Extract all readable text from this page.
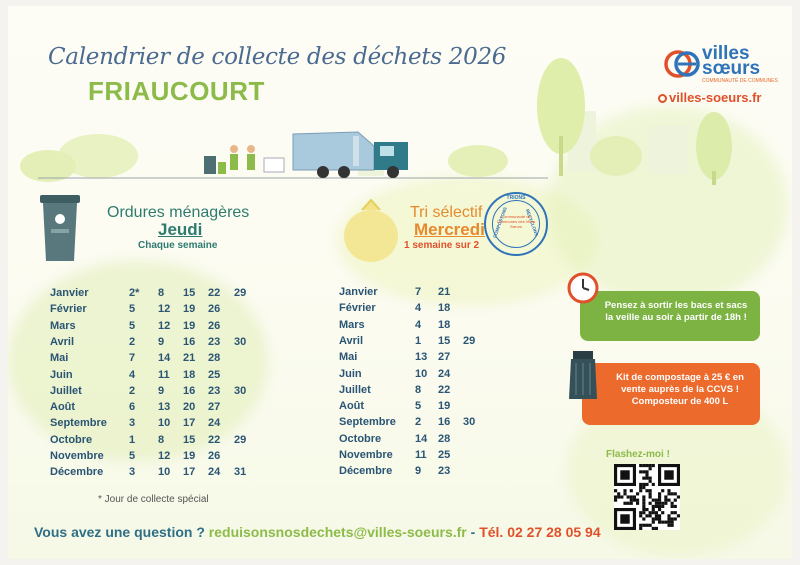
Calendrier de collecte des déchets 2026
FRIAUCOURT
villes
sœurs
COMMUNAUTÉ DE COMMUNES
villes-soeurs.fr
Ordures ménagères
Jeudi
Chaque semaine
Tri sélectif
Mercredi
1 semaine sur 2
TRIONS
RECYCLONS
COMPOSTONS
Communauté de Communes des Villes Sœurs
Janvier	2* 8 15 22 29
Février	5 12 19 26
Mars	5 12 19 26
Avril	2 9 16 23 30
Mai	7 14 21 28
Juin	4 11 18 25
Juillet	2 9 16 23 30
Août	6 13 20 27
Septembre 3 10 17 24
Octobre	1 8 15 22 29
Novembre 5 12 19 26
Décembre 3 10 17 24 31
* Jour de collecte spécial
Janvier	7 21
Février	4 18
Mars	4 18
Avril	1 15 29
Mai	13 27
Juin	10 24
Juillet	8 22
Août	5 19
Septembre 2 16 30
Octobre	14 28
Novembre 11 25
Décembre 9 23
Pensez à sortir les bacs et sacs la veille au soir à partir de 18h !
Kit de compostage à 25 € en vente auprès de la CCVS ! Composteur de 400 L
Flashez-moi !
Vous avez une question ? reduisonsnosdechets@villes-soeurs.fr - Tél. 02 27 28 05 94
